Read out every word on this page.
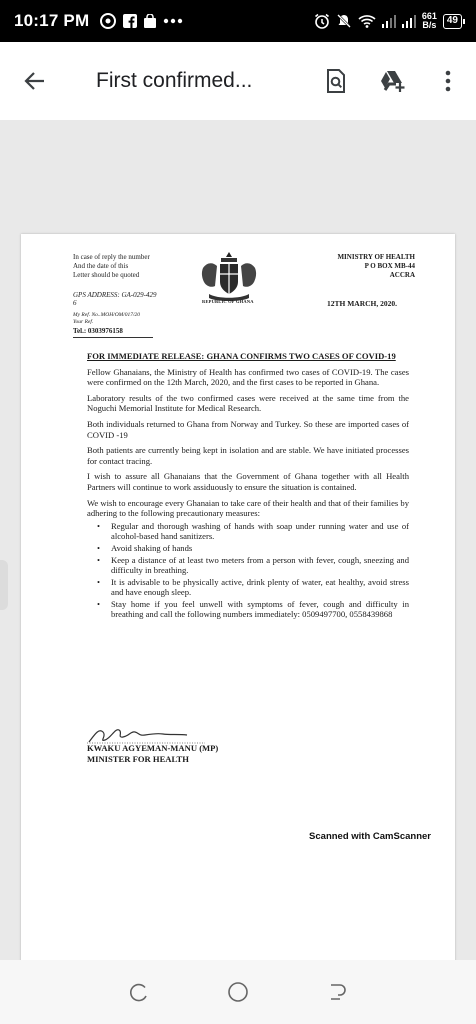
10:17 PM	661
B/s	49
First confirmed...
In case of reply the number
And the date of this
Letter should be quoted
GPS ADDRESS: GA-029-429
6
My Ref. No..MOH/OM/017/20
Your Ref.
Tel.: 0303976158
REPUBLIC OF GHANA
MINISTRY OF HEALTH
P O BOX MB-44
ACCRA
12TH MARCH, 2020.
FOR IMMEDIATE RELEASE: GHANA CONFIRMS TWO CASES OF COVID-19

Fellow Ghanaians, the Ministry of Health has confirmed two cases of COVID-19. The cases were confirmed on the 12th March, 2020, and the first cases to be reported in Ghana.

Laboratory results of the two confirmed cases were received at the same time from the Noguchi Memorial Institute for Medical Research.

Both individuals returned to Ghana from Norway and Turkey. So these are imported cases of COVID -19

Both patients are currently being kept in isolation and are stable. We have initiated processes for contact tracing.

I wish to assure all Ghanaians that the Government of Ghana together with all Health Partners will continue to work assiduously to ensure the situation is contained.

We wish to encourage every Ghanaian to take care of their health and that of their families by adhering to the following precautionary measures:

• Regular and thorough washing of hands with soap under running water and use of alcohol-based hand sanitizers.
• Avoid shaking of hands
• Keep a distance of at least two meters from a person with fever, cough, sneezing and difficulty in breathing.
• It is advisable to be physically active, drink plenty of water, eat healthy, avoid stress and have enough sleep.
• Stay home if you feel unwell with symptoms of fever, cough and difficulty in breathing and call the following numbers immediately: 0509497700, 0558439868
KWAKU AGYEMAN-MANU (MP)
MINISTER FOR HEALTH
Scanned with CamScanner
